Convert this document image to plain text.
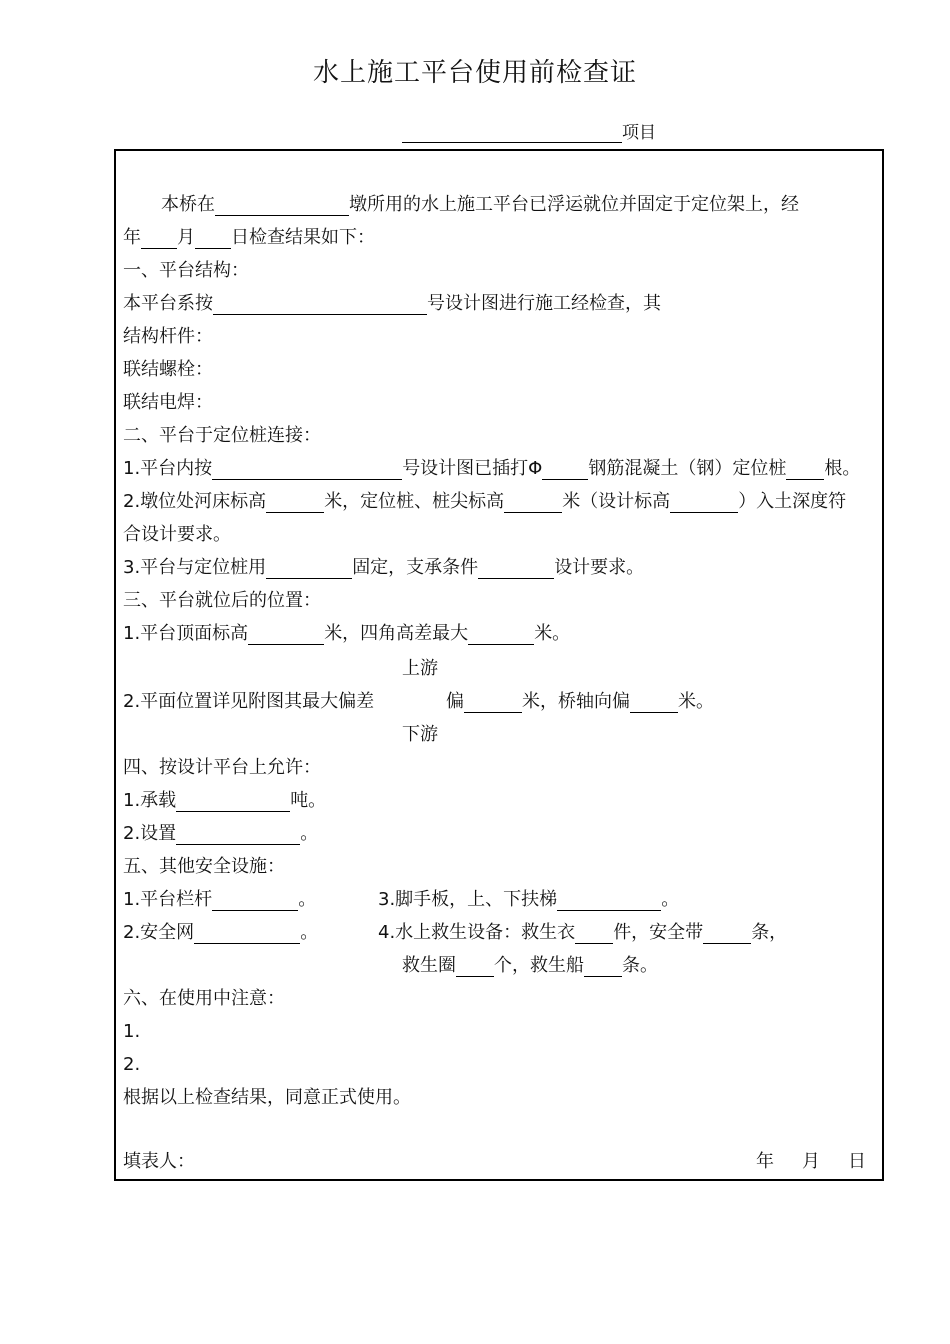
水上施工平台使用前检查证
项目
本桥在	墩所用的水上施工平台已浮运就位并固定于定位架上，经
年 月 日检查结果如下：
一、平台结构：
本平台系按	号设计图进行施工经检查，其
结构杆件：
联结螺栓：
联结电焊：
二、平台于定位桩连接：
1.平台内按	号设计图已插打Φ	钢筋混凝土（钢）定位桩 根。
2.墩位处河床标高	米，定位桩、桩尖标高	米（设计标高	）入土深度符
合设计要求。
3.平台与定位桩用	固定，支承条件	设计要求。
三、平台就位后的位置：
1.平台顶面标高	米，四角高差最大	米。
上游
2.平面位置详见附图其最大偏差	偏	米，桥轴向偏	米。
下游
四、按设计平台上允许：
1.承载	吨。
2.设置	。
五、其他安全设施：
1.平台栏杆	。	3.脚手板，上、下扶梯	。
2.安全网	。	4.水上救生设备：救生衣 件，安全带	条，
救生圈 个，救生船 条。
六、在使用中注意：
1.
2.
根据以上检查结果，同意正式使用。
填表人：	年 月 日
